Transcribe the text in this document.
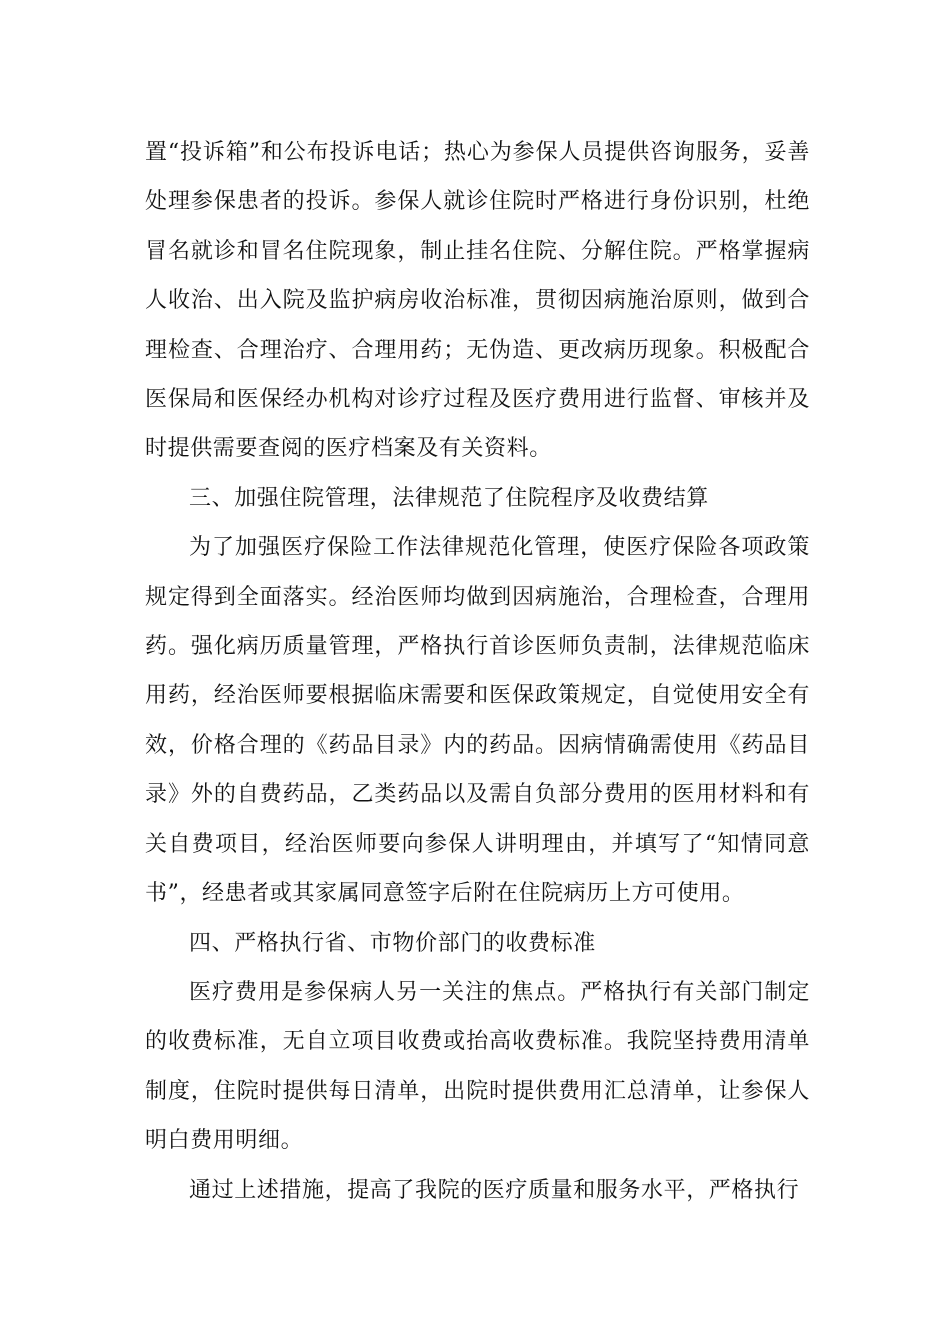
置“投诉箱”和公布投诉电话；热心为参保人员提供咨询服务，妥善处理参保患者的投诉。参保人就诊住院时严格进行身份识别，杜绝冒名就诊和冒名住院现象，制止挂名住院、分解住院。严格掌握病人收治、出入院及监护病房收治标准，贯彻因病施治原则，做到合理检查、合理治疗、合理用药；无伪造、更改病历现象。积极配合医保局和医保经办机构对诊疗过程及医疗费用进行监督、审核并及时提供需要查阅的医疗档案及有关资料。

三、加强住院管理，法律规范了住院程序及收费结算

为了加强医疗保险工作法律规范化管理，使医疗保险各项政策规定得到全面落实。经治医师均做到因病施治，合理检查，合理用药。强化病历质量管理，严格执行首诊医师负责制，法律规范临床用药，经治医师要根据临床需要和医保政策规定，自觉使用安全有效，价格合理的《药品目录》内的药品。因病情确需使用《药品目录》外的自费药品，乙类药品以及需自负部分费用的医用材料和有关自费项目，经治医师要向参保人讲明理由，并填写了“知情同意书”，经患者或其家属同意签字后附在住院病历上方可使用。

四、严格执行省、市物价部门的收费标准

医疗费用是参保病人另一关注的焦点。严格执行有关部门制定的收费标准，无自立项目收费或抬高收费标准。我院坚持费用清单制度，住院时提供每日清单，出院时提供费用汇总清单，让参保人明白费用明细。

通过上述措施，提高了我院的医疗质量和服务水平，严格执行
